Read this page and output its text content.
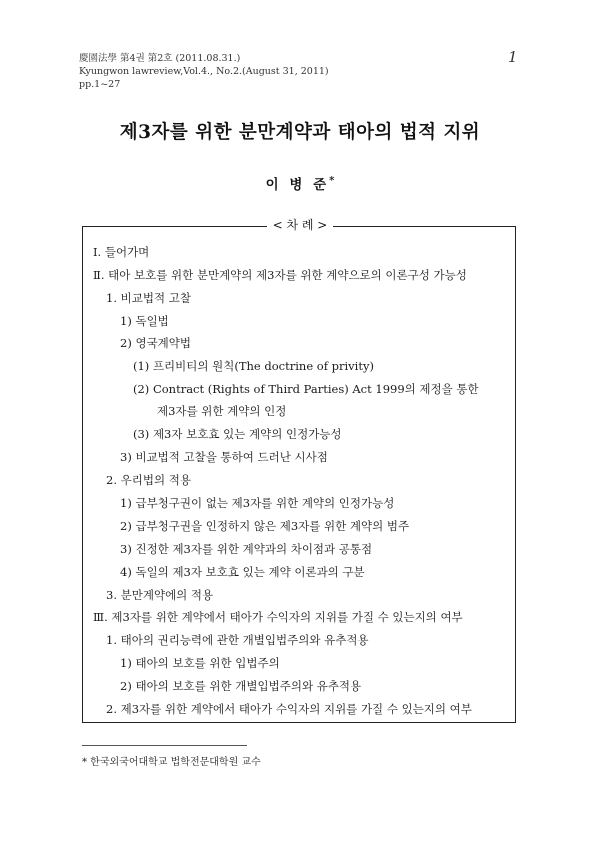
慶園法學 第4권 第2호 (2011.08.31.)
Kyungwon lawreview,Vol.4., No.2.(August 31, 2011)
pp.1~27
1
제3자를 위한 분만계약과 태아의 법적 지위
이 병 준*
< 차 례 >
Ⅰ. 들어가며
Ⅱ. 태아 보호를 위한 분만계약의 제3자를 위한 계약으로의 이론구성 가능성
1. 비교법적 고찰
1) 독일법
2) 영국계약법
(1) 프리비티의 원칙(The doctrine of privity)
(2) Contract (Rights of Third Parties) Act 1999의 제정을 통한
제3자를 위한 계약의 인정
(3) 제3자 보호효 있는 계약의 인정가능성
3) 비교법적 고찰을 통하여 드러난 시사점
2. 우리법의 적용
1) 급부청구권이 없는 제3자를 위한 계약의 인정가능성
2) 급부청구권을 인정하지 않은 제3자를 위한 계약의 범주
3) 진정한 제3자를 위한 계약과의 차이점과 공통점
4) 독일의 제3자 보호효 있는 계약 이론과의 구분
3. 분만계약에의 적용
Ⅲ. 제3자를 위한 계약에서 태아가 수익자의 지위를 가질 수 있는지의 여부
1. 태아의 권리능력에 관한 개별입법주의와 유추적용
1) 태아의 보호를 위한 입법주의
2) 태아의 보호를 위한 개별입법주의와 유추적용
2. 제3자를 위한 계약에서 태아가 수익자의 지위를 가질 수 있는지의 여부
* 한국외국어대학교 법학전문대학원 교수
